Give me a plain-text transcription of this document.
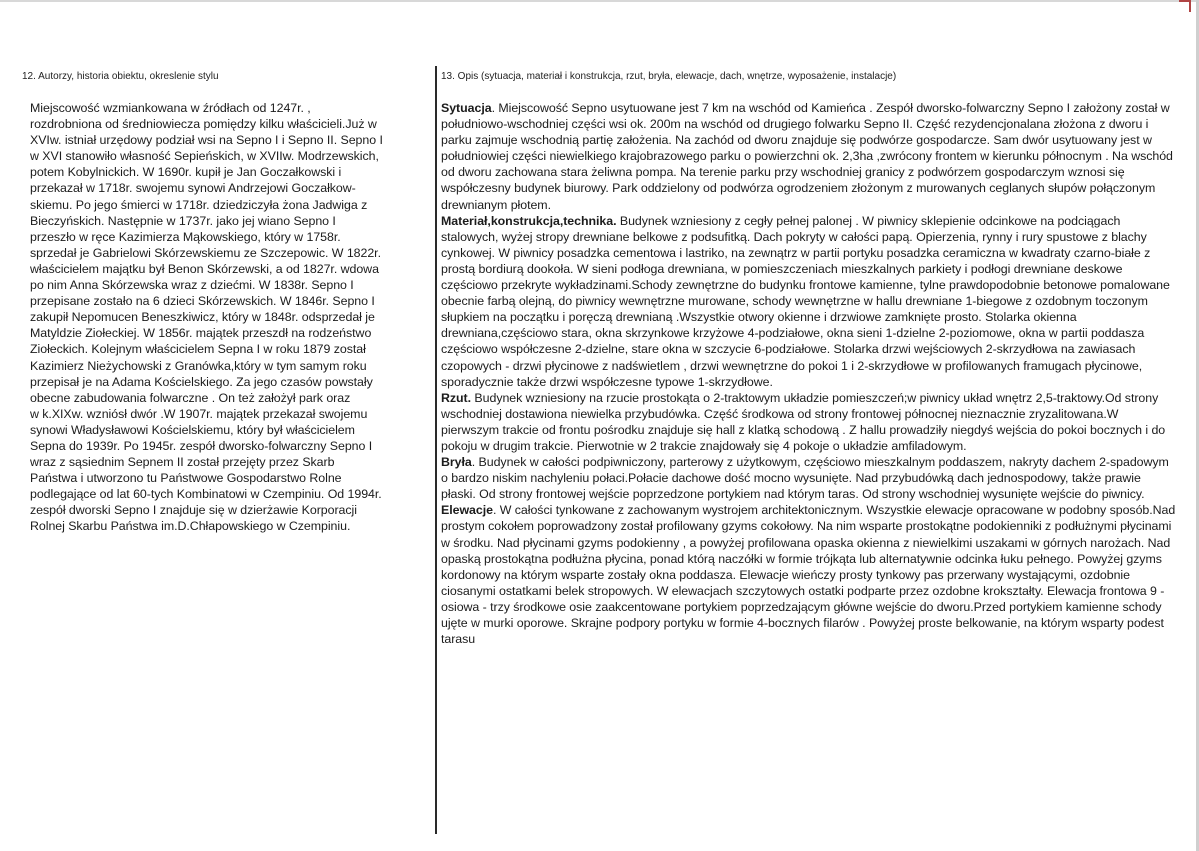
12. Autorzy, historia obiektu, okreslenie stylu
Miejscowość wzmiankowana w źródłach od 1247r. ,
rozdrobniona od średniowiecza pomiędzy kilku właścicieli.Już w
XVIw. istniał urzędowy podział wsi na Sepno I i Sepno II. Sepno I
w XVI stanowiło własność Sepieńskich, w XVIIw. Modrzewskich,
potem Kobylnickich. W 1690r. kupił je Jan Goczałkowski i
przekazał w 1718r. swojemu synowi Andrzejowi Goczałkow-
skiemu. Po jego śmierci w 1718r. dziedziczyła żona Jadwiga z
Bieczyńskich. Następnie w 1737r. jako jej wiano Sepno I
przeszło w ręce Kazimierza Mąkowskiego, który w 1758r.
sprzedał je Gabrielowi Skórzewskiemu ze Szczepowic. W 1822r.
właścicielem majątku był Benon Skórzewski, a od 1827r. wdowa
po nim Anna Skórzewska wraz z dziećmi. W 1838r. Sepno I
przepisane zostało na 6 dzieci Skórzewskich. W 1846r. Sepno I
zakupił Nepomucen Beneszkiwicz, który w 1848r. odsprzedał je
Matyldzie Ziołeckiej. W 1856r. majątek przeszdł na rodzeństwo
Ziołeckich. Kolejnym właścicielem Sepna I w roku 1879 został
Kazimierz Nieżychowski z Granówka,który w tym samym roku
przepisał je na Adama Kościelskiego. Za jego czasów powstały
obecne zabudowania folwarczne . On też założył park oraz
w k.XIXw. wzniósł dwór .W 1907r. majątek przekazał swojemu
synowi Władysławowi Kościelskiemu, który był właścicielem
Sepna do 1939r. Po 1945r. zespół dworsko-folwarczny Sepno I
wraz z sąsiednim Sepnem II został przejęty przez Skarb
Państwa i utworzono tu Państwowe Gospodarstwo Rolne
podlegające od lat 60-tych Kombinatowi w Czempiniu. Od 1994r.
zespół dworski Sepno I znajduje się w dzierżawie Korporacji
Rolnej Skarbu Państwa im.D.Chłapowskiego w Czempiniu.
13. Opis (sytuacja, materiał i konstrukcja, rzut, bryła, elewacje, dach, wnętrze, wyposażenie, instalacje)

Sytuacja. Miejscowość Sepno usytuowane jest 7 km na wschód od Kamieńca . Zespół dworsko-folwarczny Sepno I założony został w południowo-wschodniej części wsi ok. 200m na wschód od drugiego folwarku Sepno II. Część rezydencjonalana złożona z dworu i parku zajmuje wschodnią partię założenia. Na zachód od dworu znajduje się podwórze gospodarcze. Sam dwór usytuowany jest w południowiej części niewielkiego krajobrazowego parku o powierzchni ok. 2,3ha ,zwrócony frontem w kierunku północnym . Na wschód od dworu zachowana stara żeliwna pompa. Na terenie parku przy wschodniej granicy z podwórzem gospodarczym wznosi się współczesny budynek biurowy. Park oddzielony od podwórza ogrodzeniem złożonym z murowanych ceglanych słupów połączonym drewnianym płotem.

Materiał,konstrukcja,technika. Budynek wzniesiony z cegły pełnej palonej . W piwnicy sklepienie odcinkowe na podciągach stalowych, wyżej stropy drewniane belkowe z podsufitką. Dach pokryty w całości papą. Opierzenia, rynny i rury spustowe z blachy cynkowej. W piwnicy posadzka cementowa i lastriko, na zewnątrz w partii portyku posadzka ceramiczna w kwadraty czarno-białe z prostą bordiurą dookoła. W sieni podłoga drewniana, w pomieszczeniach mieszkalnych parkiety i podłogi drewniane deskowe częściowo przekryte wykładzinami.Schody zewnętrzne do budynku frontowe kamienne, tylne prawdopodobnie betonowe pomalowane obecnie farbą olejną, do piwnicy wewnętrzne murowane, schody wewnętrzne w hallu drewniane 1-biegowe z ozdobnym toczonym słupkiem na początku i poręczą drewnianą .Wszystkie otwory okienne i drzwiowe zamknięte prosto. Stolarka okienna drewniana,częściowo stara, okna skrzynkowe krzyżowe 4-podziałowe, okna sieni 1-dzielne 2-poziomowe, okna w partii poddasza częściowo współczesne 2-dzielne, stare okna w szczycie 6-podziałowe. Stolarka drzwi wejściowych 2-skrzydłowa na zawiasach czopowych - drzwi płycinowe z nadświetlem , drzwi wewnętrzne do pokoi 1 i 2-skrzydłowe w profilowanych framugach płycinowe, sporadycznie także drzwi współczesne typowe 1-skrzydłowe.

Rzut. Budynek wzniesiony na rzucie prostokąta o 2-traktowym układzie pomieszczeń;w piwnicy układ wnętrz 2,5-traktowy.Od strony wschodniej dostawiona niewielka przybudówka. Część środkowa od strony frontowej północnej nieznacznie zryzalitowana.W pierwszym trakcie od frontu pośrodku znajduje się hall z klatką schodową . Z hallu prowadziły niegdyś wejścia do pokoi bocznych i do pokoju w drugim trakcie. Pierwotnie w 2 trakcie znajdowały się 4 pokoje o układzie amfiladowym.

Bryła. Budynek w całości podpiwniczony, parterowy z użytkowym, częściowo mieszkalnym poddaszem, nakryty dachem 2-spadowym o bardzo niskim nachyleniu połaci.Połacie dachowe dość mocno wysunięte. Nad przybudówką dach jednospodowy, także prawie płaski. Od strony frontowej wejście poprzedzone portykiem nad którym taras. Od strony wschodniej wysunięte wejście do piwnicy.

Elewacje. W całości tynkowane z zachowanym wystrojem architektonicznym. Wszystkie elewacje opracowane w podobny sposób.Nad prostym cokołem poprowadzony został profilowany gzyms cokołowy. Na nim wsparte prostokątne podokienniki z podłużnymi płycinami w środku. Nad płycinami gzyms podokienny , a powyżej profilowana opaska okienna z niewielkimi uszakami w górnych narożach. Nad opaską prostokątna podłużna płycina, ponad którą naczółki w formie trójkąta lub alternatywnie odcinka łuku pełnego. Powyżej gzyms kordonowy na którym wsparte zostały okna poddasza. Elewacje wieńczy prosty tynkowy pas przerwany wystającymi, ozdobnie ciosanymi ostatkami belek stropowych. W elewacjach szczytowych ostatki podparte przez ozdobne krokształty. Elewacja frontowa 9 -osiowa - trzy środkowe osie zaakcentowane portykiem poprzedzającym główne wejście do dworu.Przed portykiem kamienne schody ujęte w murki oporowe. Skrajne podpory portyku w formie 4-bocznych filarów . Powyżej proste belkowanie, na którym wsparty podest tarasu
